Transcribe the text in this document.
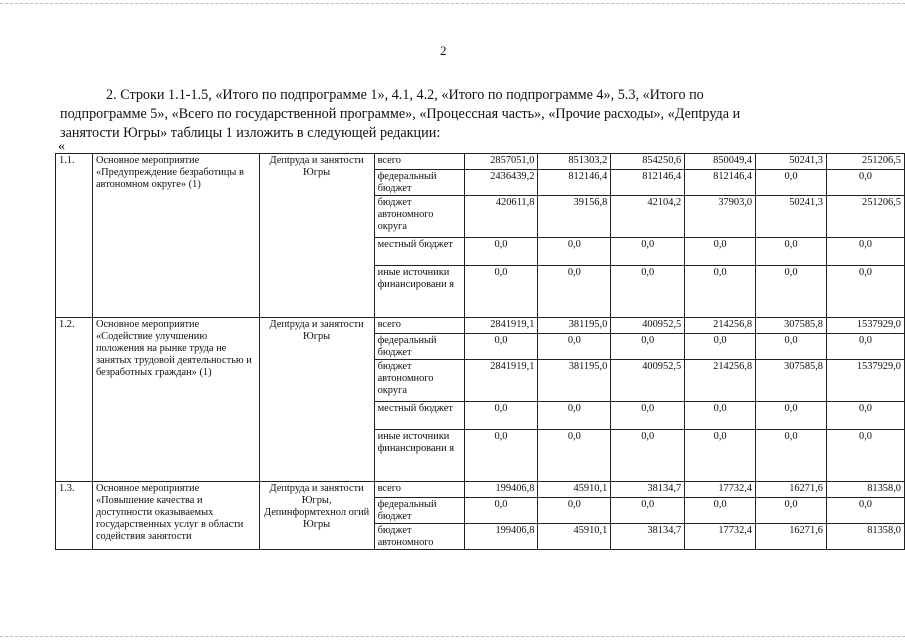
2
2. Строки 1.1-1.5, «Итого по подпрограмме 1», 4.1, 4.2, «Итого по подпрограмме 4», 5.3, «Итого по
подпрограмме 5», «Всего по государственной программе», «Процессная часть», «Прочие расходы», «Депtруда и
занятости Югры» таблицы 1 изложить в следующей редакции:
«
1.1.	Основное мероприятие «Предупреждение безработицы в автономном округе» (1)	Депtруда и занятости Югры	всего	2857051,0	851303,2	854250,6	850049,4	50241,3	251206,5
			федеральный бюджет	2436439,2	812146,4	812146,4	812146,4	0,0	0,0
			бюджет автономного округа	420611,8	39156,8	42104,2	37903,0	50241,3	251206,5
			местный бюджет	0,0	0,0	0,0	0,0	0,0	0,0
			иные источники финансировани я	0,0	0,0	0,0	0,0	0,0	0,0
1.2.	Основное мероприятие «Содействие улучшению положения на рынке труда не занятых трудовой деятельностью и безработных граждан» (1)	Депtруда и занятости Югры	всего	2841919,1	381195,0	400952,5	214256,8	307585,8	1537929,0
			федеральный бюджет	0,0	0,0	0,0	0,0	0,0	0,0
			бюджет автономного округа	2841919,1	381195,0	400952,5	214256,8	307585,8	1537929,0
			местный бюджет	0,0	0,0	0,0	0,0	0,0	0,0
			иные источники финансировани я	0,0	0,0	0,0	0,0	0,0	0,0
1.3.	Основное мероприятие «Повышение качества и доступности оказываемых государственных услуг в области содействия занятости	Депtруда и занятости Югры, Депинформтехнол огий Югры	всего	199406,8	45910,1	38134,7	17732,4	16271,6	81358,0
			федеральный бюджет	0,0	0,0	0,0	0,0	0,0	0,0
			бюджет автономного	199406,8	45910,1	38134,7	17732,4	16271,6	81358,0
